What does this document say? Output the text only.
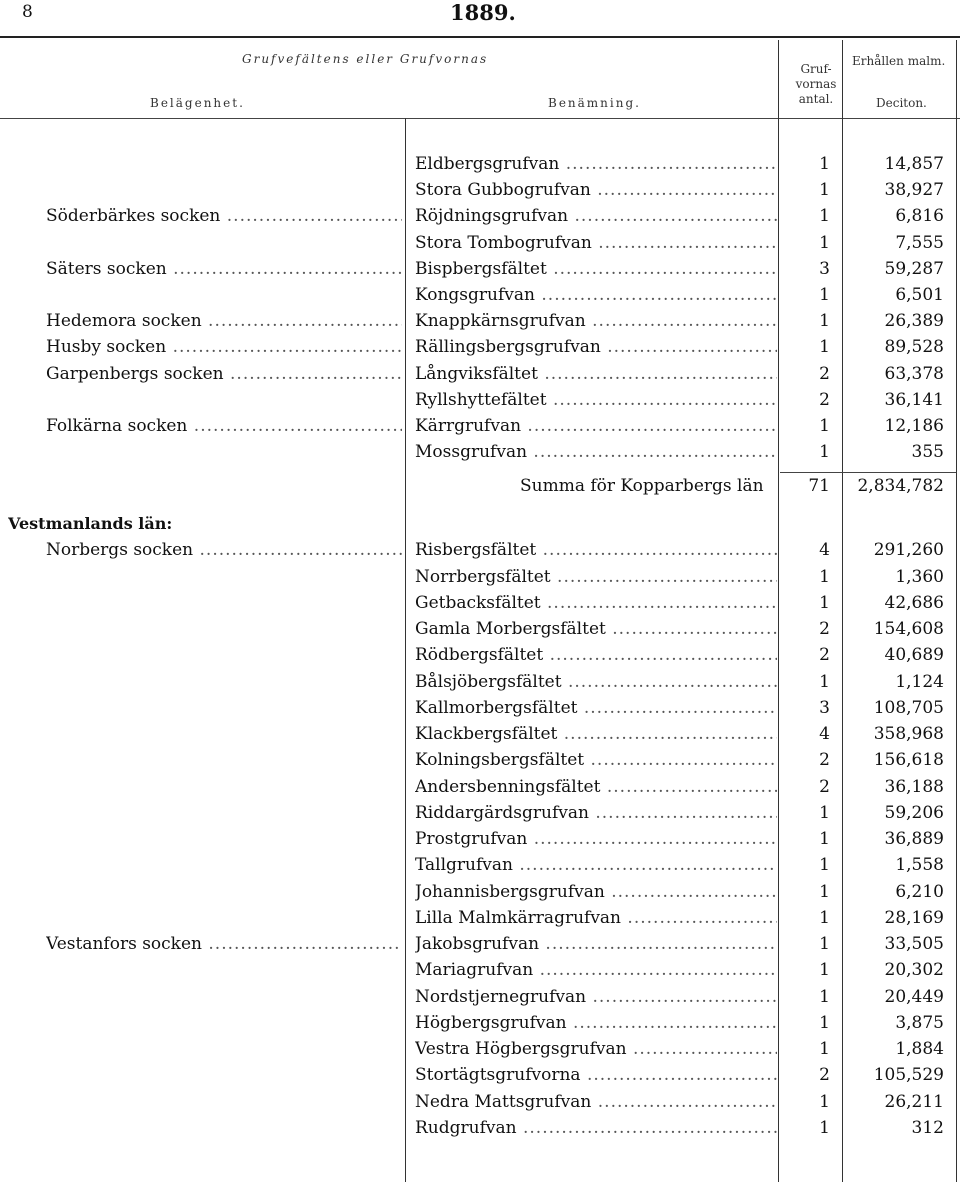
8	1889.
Grufvefältens eller Grufvornas
Belägenhet.	Benämning.
Gruf-
vornas
antal.
Erhållen malm.
Deciton.
Eldbergsgrufvan .....	1	14,857
Stora Gubbogrufvan .....	1	38,927
Söderbärkes socken .....	Röjdningsgrufvan .....	1	6,816
Stora Tombogrufvan .....	1	7,555
Säters socken .....	Bispbergsfältet .....	3	59,287
Kongsgrufvan .....	1	6,501
Hedemora socken .....	Knappkärnsgrufvan .....	1	26,389
Husby socken .....	Rällingsbergsgrufvan .....	1	89,528
Garpenbergs socken .....	Långviksfältet .....	2	63,378
Ryllshyttefältet .....	2	36,141
Folkärna socken .....	Kärrgrufvan .....	1	12,186
Mossgrufvan .....	1	355
Summa för Kopparbergs län	71	2,834,782
Vestmanlands län:
Norbergs socken .....	Risbergsfältet .....	4	291,260
Norrbergsfältet .....	1	1,360
Getbacksfältet .....	1	42,686
Gamla Morbergsfältet .....	2	154,608
Rödbergsfältet .....	2	40,689
Bålsjöbergsfältet .....	1	1,124
Kallmorbergsfältet .....	3	108,705
Klackbergsfältet .....	4	358,968
Kolningsbergsfältet .....	2	156,618
Andersbenningsfältet .....	2	36,188
Riddargärdsgrufvan .....	1	59,206
Prostgrufvan .....	1	36,889
Tallgrufvan .....	1	1,558
Johannisbergsgrufvan .....	1	6,210
Lilla Malmkärragrufvan .....	1	28,169
Vestanfors socken .....	Jakobsgrufvan .....	1	33,505
Mariagrufvan .....	1	20,302
Nordstjernegrufvan .....	1	20,449
Högbergsgrufvan .....	1	3,875
Vestra Högbergsgrufvan .....	1	1,884
Stortägtsgrufvorna .....	2	105,529
Nedra Mattsgrufvan .....	1	26,211
Rudgrufvan .....	1	312
